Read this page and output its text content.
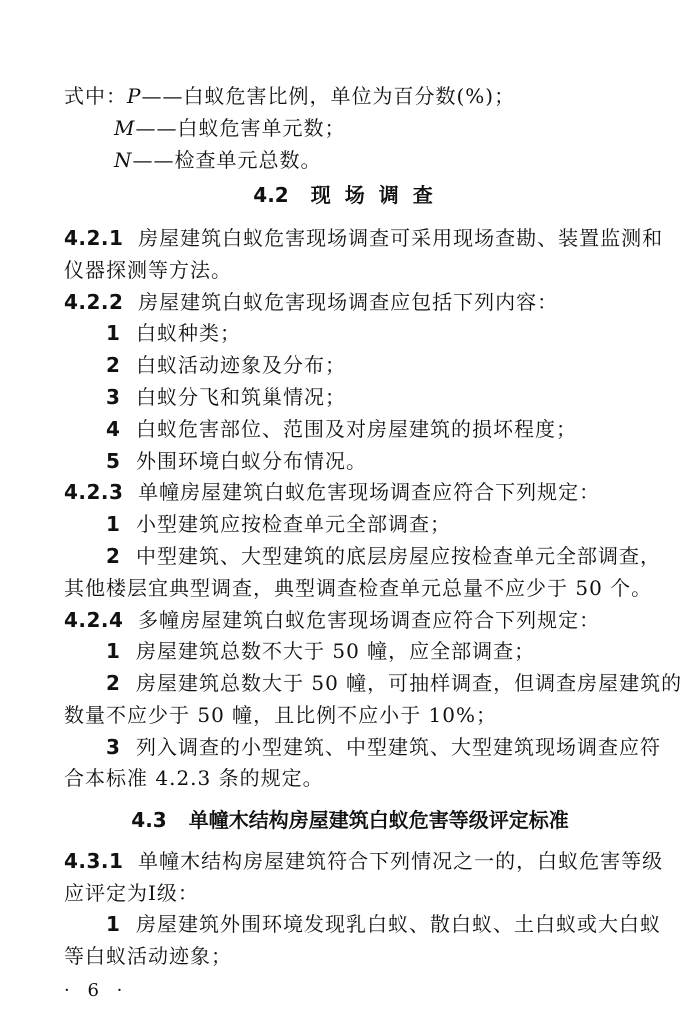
式中：P——白蚁危害比例，单位为百分数(%)；
M——白蚁危害单元数；
N——检查单元总数。
4.2 现场调查
4.2.1 房屋建筑白蚁危害现场调查可采用现场查勘、装置监测和
仪器探测等方法。
4.2.2 房屋建筑白蚁危害现场调查应包括下列内容：
1 白蚁种类；
2 白蚁活动迹象及分布；
3 白蚁分飞和筑巢情况；
4 白蚁危害部位、范围及对房屋建筑的损坏程度；
5 外围环境白蚁分布情况。
4.2.3 单幢房屋建筑白蚁危害现场调查应符合下列规定：
1 小型建筑应按检查单元全部调查；
2 中型建筑、大型建筑的底层房屋应按检查单元全部调查，
其他楼层宜典型调查，典型调查检查单元总量不应少于 50 个。
4.2.4 多幢房屋建筑白蚁危害现场调查应符合下列规定：
1 房屋建筑总数不大于 50 幢，应全部调查；
2 房屋建筑总数大于 50 幢，可抽样调查，但调查房屋建筑的
数量不应少于 50 幢，且比例不应小于 10%；
3 列入调查的小型建筑、中型建筑、大型建筑现场调查应符
合本标准 4.2.3 条的规定。
4.3 单幢木结构房屋建筑白蚁危害等级评定标准
4.3.1 单幢木结构房屋建筑符合下列情况之一的，白蚁危害等级
应评定为Ⅰ级：
· 6 ·
1 房屋建筑外围环境发现乳白蚁、散白蚁、土白蚁或大白蚁
等白蚁活动迹象；
